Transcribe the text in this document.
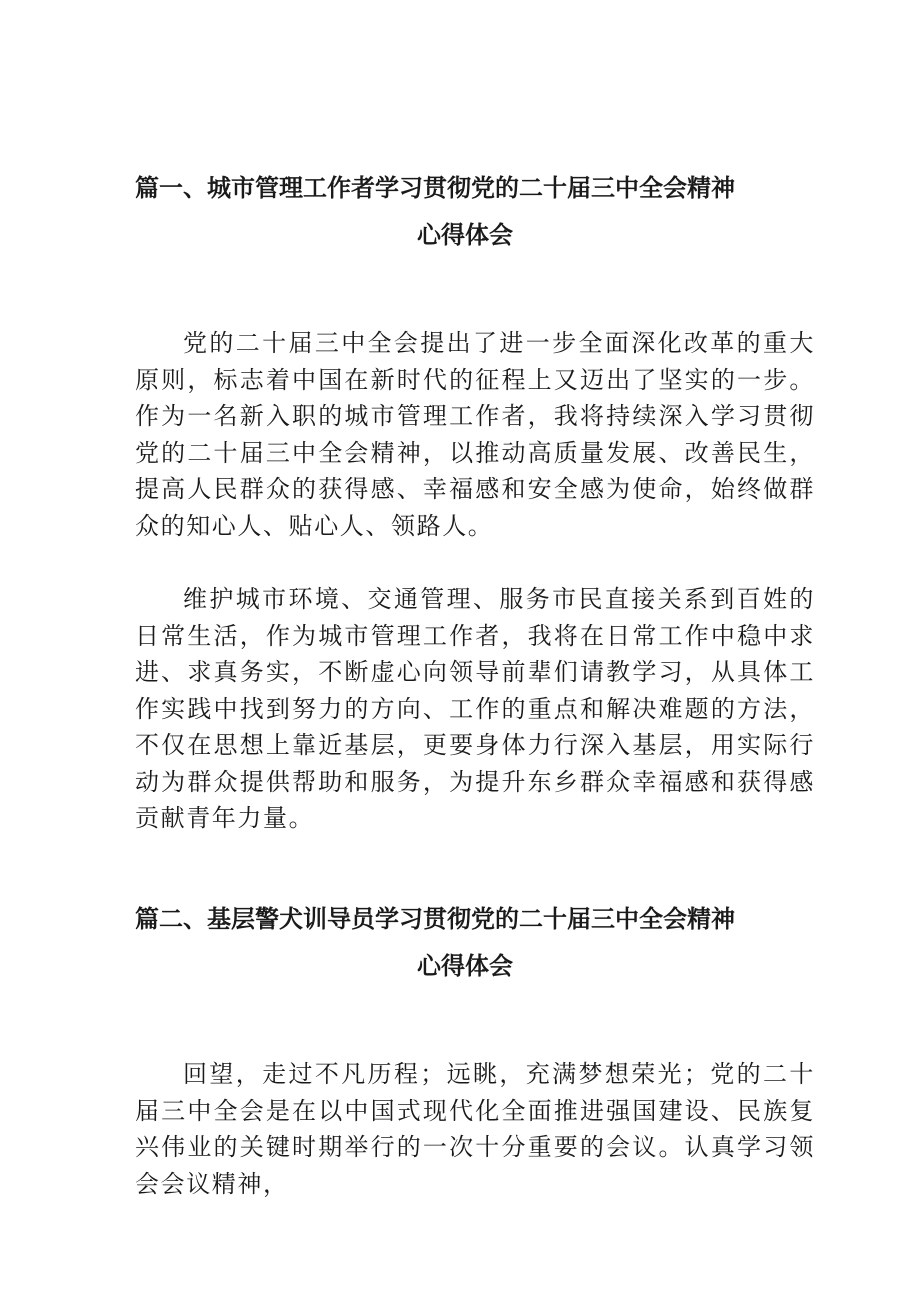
篇一、城市管理工作者学习贯彻党的二十届三中全会精神
心得体会

党的二十届三中全会提出了进一步全面深化改革的重大原则，标志着中国在新时代的征程上又迈出了坚实的一步。作为一名新入职的城市管理工作者，我将持续深入学习贯彻党的二十届三中全会精神，以推动高质量发展、改善民生，提高人民群众的获得感、幸福感和安全感为使命，始终做群众的知心人、贴心人、领路人。

维护城市环境、交通管理、服务市民直接关系到百姓的日常生活，作为城市管理工作者，我将在日常工作中稳中求进、求真务实，不断虚心向领导前辈们请教学习，从具体工作实践中找到努力的方向、工作的重点和解决难题的方法，不仅在思想上靠近基层，更要身体力行深入基层，用实际行动为群众提供帮助和服务，为提升东乡群众幸福感和获得感贡献青年力量。

篇二、基层警犬训导员学习贯彻党的二十届三中全会精神
心得体会

回望，走过不凡历程；远眺，充满梦想荣光；党的二十届三中全会是在以中国式现代化全面推进强国建设、民族复兴伟业的关键时期举行的一次十分重要的会议。认真学习领会会议精神，
